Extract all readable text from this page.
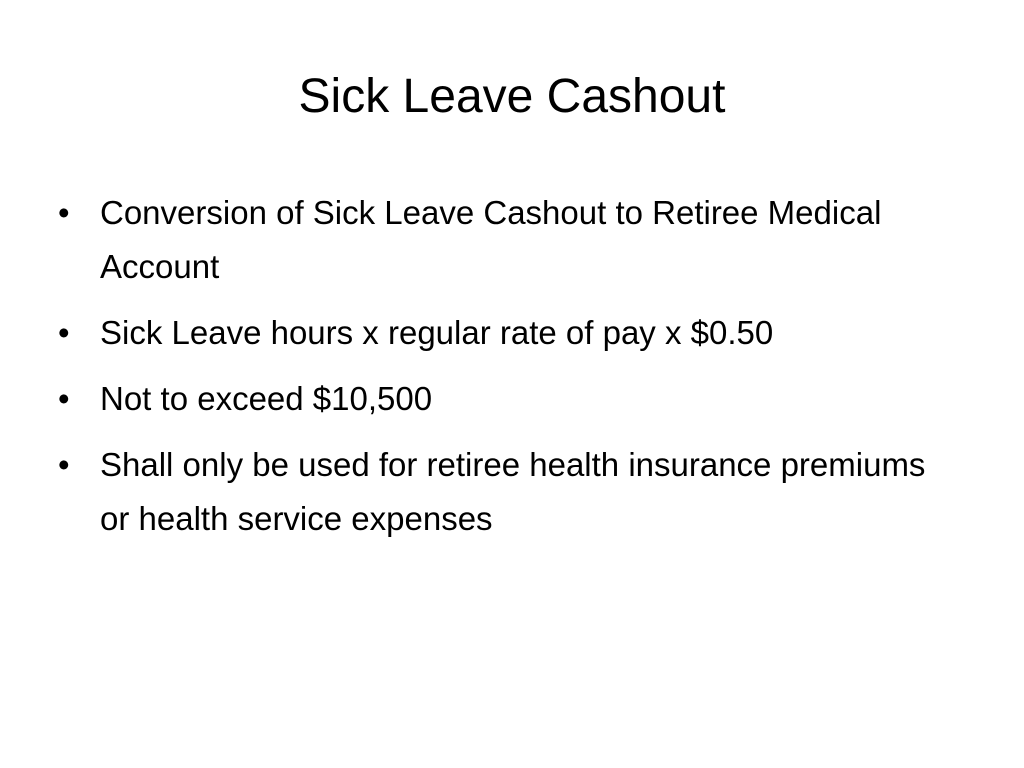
Sick Leave Cashout
• Conversion of Sick Leave Cashout to Retiree Medical Account
• Sick Leave hours x regular rate of pay x $0.50
• Not to exceed $10,500
• Shall only be used for retiree health insurance premiums or health service expenses
